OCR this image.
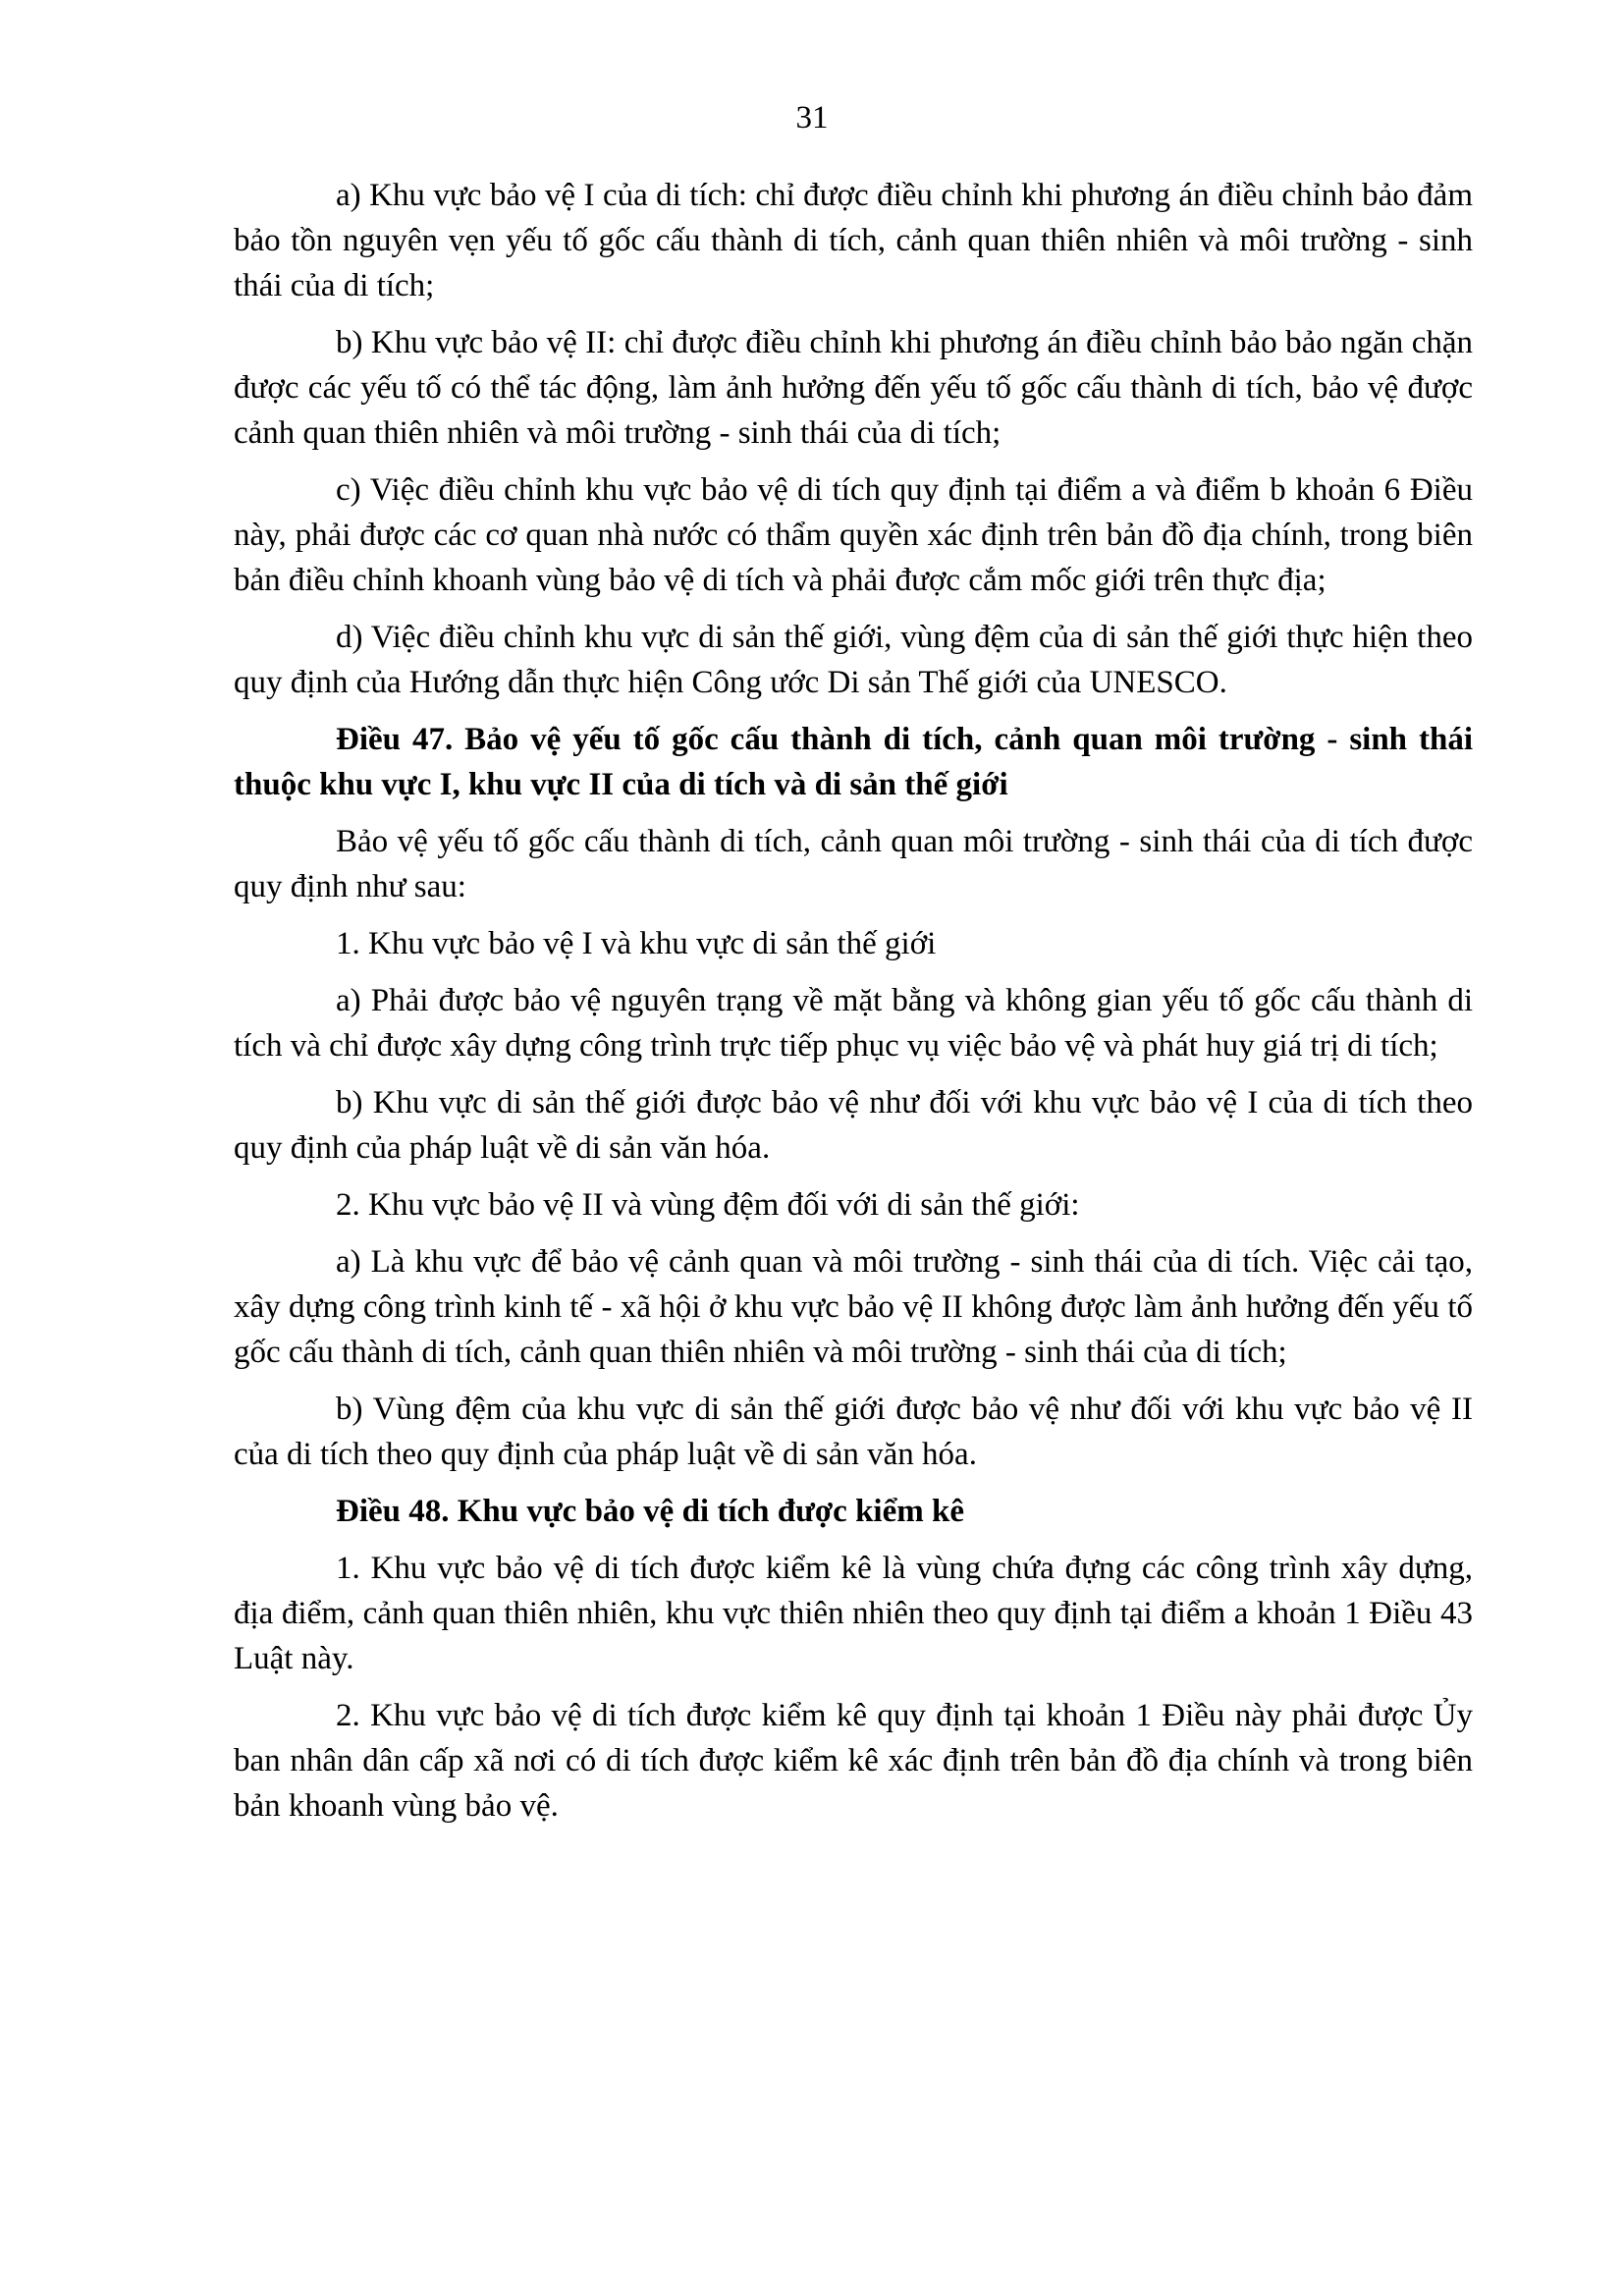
31

a) Khu vực bảo vệ I của di tích: chỉ được điều chỉnh khi phương án điều chỉnh bảo đảm bảo tồn nguyên vẹn yếu tố gốc cấu thành di tích, cảnh quan thiên nhiên và môi trường - sinh thái của di tích;

b) Khu vực bảo vệ II: chỉ được điều chỉnh khi phương án điều chỉnh bảo bảo ngăn chặn được các yếu tố có thể tác động, làm ảnh hưởng đến yếu tố gốc cấu thành di tích, bảo vệ được cảnh quan thiên nhiên và môi trường - sinh thái của di tích;

c) Việc điều chỉnh khu vực bảo vệ di tích quy định tại điểm a và điểm b khoản 6 Điều này, phải được các cơ quan nhà nước có thẩm quyền xác định trên bản đồ địa chính, trong biên bản điều chỉnh khoanh vùng bảo vệ di tích và phải được cắm mốc giới trên thực địa;

d) Việc điều chỉnh khu vực di sản thế giới, vùng đệm của di sản thế giới thực hiện theo quy định của Hướng dẫn thực hiện Công ước Di sản Thế giới của UNESCO.

Điều 47. Bảo vệ yếu tố gốc cấu thành di tích, cảnh quan môi trường - sinh thái thuộc khu vực I, khu vực II của di tích và di sản thế giới

Bảo vệ yếu tố gốc cấu thành di tích, cảnh quan môi trường - sinh thái của di tích được quy định như sau:

1. Khu vực bảo vệ I và khu vực di sản thế giới

a) Phải được bảo vệ nguyên trạng về mặt bằng và không gian yếu tố gốc cấu thành di tích và chỉ được xây dựng công trình trực tiếp phục vụ việc bảo vệ và phát huy giá trị di tích;

b) Khu vực di sản thế giới được bảo vệ như đối với khu vực bảo vệ I của di tích theo quy định của pháp luật về di sản văn hóa.

2. Khu vực bảo vệ II và vùng đệm đối với di sản thế giới:

a) Là khu vực để bảo vệ cảnh quan và môi trường - sinh thái của di tích. Việc cải tạo, xây dựng công trình kinh tế - xã hội ở khu vực bảo vệ II không được làm ảnh hưởng đến yếu tố gốc cấu thành di tích, cảnh quan thiên nhiên và môi trường - sinh thái của di tích;

b) Vùng đệm của khu vực di sản thế giới được bảo vệ như đối với khu vực bảo vệ II của di tích theo quy định của pháp luật về di sản văn hóa.

Điều 48. Khu vực bảo vệ di tích được kiểm kê

1. Khu vực bảo vệ di tích được kiểm kê là vùng chứa đựng các công trình xây dựng, địa điểm, cảnh quan thiên nhiên, khu vực thiên nhiên theo quy định tại điểm a khoản 1 Điều 43 Luật này.

2. Khu vực bảo vệ di tích được kiểm kê quy định tại khoản 1 Điều này phải được Ủy ban nhân dân cấp xã nơi có di tích được kiểm kê xác định trên bản đồ địa chính và trong biên bản khoanh vùng bảo vệ.
